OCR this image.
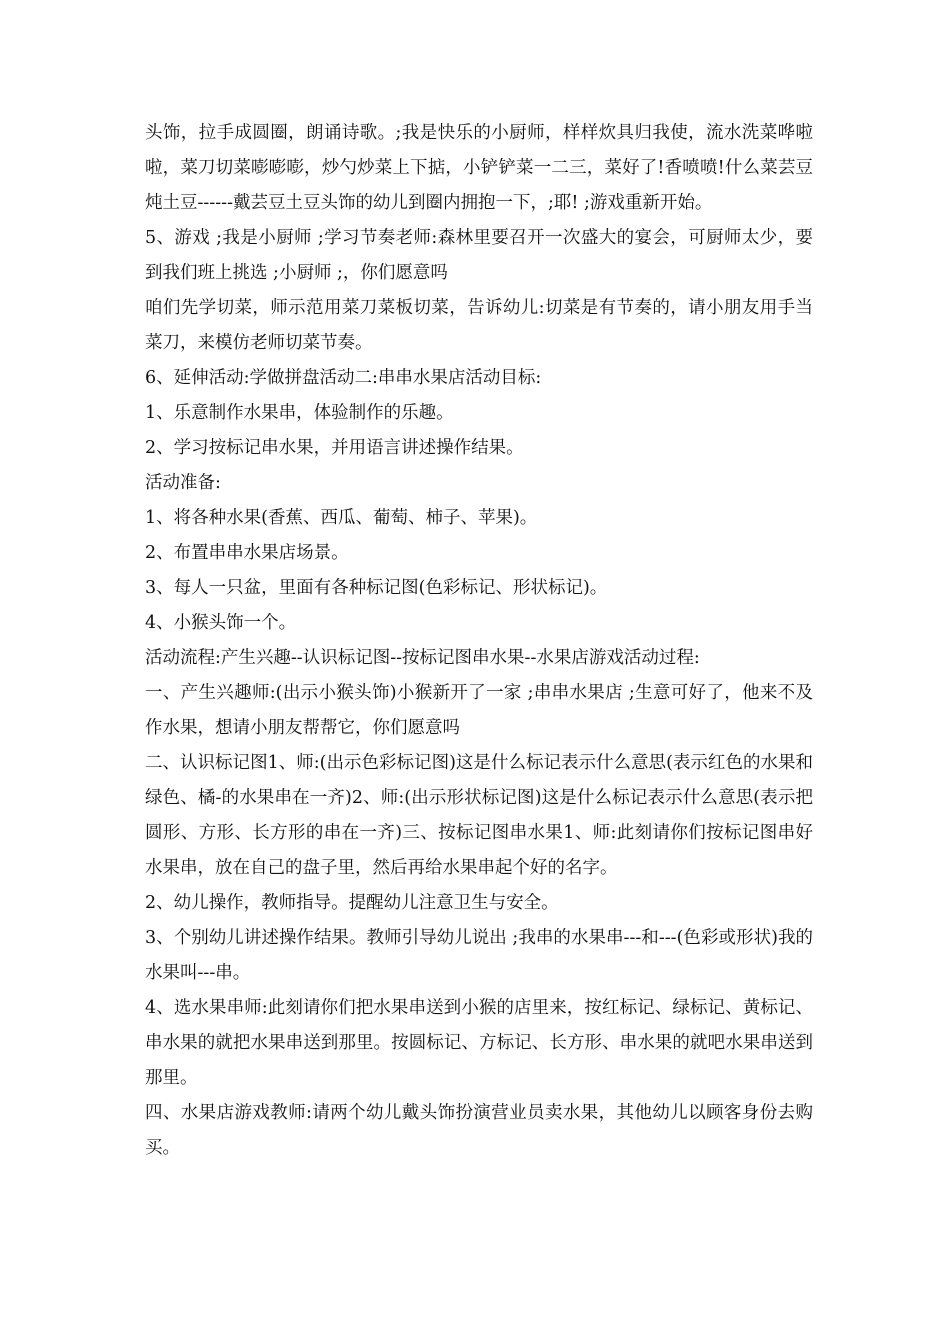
头饰，拉手成圆圈，朗诵诗歌。;我是快乐的小厨师，样样炊具归我使，流水洗菜哗啦啦，菜刀切菜嘭嘭嘭，炒勺炒菜上下掂，小铲铲菜一二三，菜好了!香喷喷!什么菜芸豆炖土豆------戴芸豆土豆头饰的幼儿到圈内拥抱一下，;耶! ;游戏重新开始。

5、游戏 ;我是小厨师 ;学习节奏老师:森林里要召开一次盛大的宴会，可厨师太少，要到我们班上挑选 ;小厨师 ;，你们愿意吗

咱们先学切菜，师示范用菜刀菜板切菜，告诉幼儿:切菜是有节奏的，请小朋友用手当菜刀，来模仿老师切菜节奏。

6、延伸活动:学做拼盘活动二:串串水果店活动目标:

1、乐意制作水果串，体验制作的乐趣。

2、学习按标记串水果，并用语言讲述操作结果。

活动准备:

1、将各种水果(香蕉、西瓜、葡萄、柿子、苹果)。

2、布置串串水果店场景。

3、每人一只盆，里面有各种标记图(色彩标记、形状标记)。

4、小猴头饰一个。

活动流程:产生兴趣--认识标记图--按标记图串水果--水果店游戏活动过程:

一、产生兴趣师:(出示小猴头饰)小猴新开了一家 ;串串水果店 ;生意可好了，他来不及作水果，想请小朋友帮帮它，你们愿意吗

二、认识标记图1、师:(出示色彩标记图)这是什么标记表示什么意思(表示红色的水果和绿色、橘-的水果串在一齐)2、师:(出示形状标记图)这是什么标记表示什么意思(表示把圆形、方形、长方形的串在一齐)三、按标记图串水果1、师:此刻请你们按标记图串好水果串，放在自己的盘子里，然后再给水果串起个好的名字。

2、幼儿操作，教师指导。提醒幼儿注意卫生与安全。

3、个别幼儿讲述操作结果。教师引导幼儿说出 ;我串的水果串---和---(色彩或形状)我的水果叫---串。

4、选水果串师:此刻请你们把水果串送到小猴的店里来，按红标记、绿标记、黄标记、串水果的就把水果串送到那里。按圆标记、方标记、长方形、串水果的就吧水果串送到那里。

四、水果店游戏教师:请两个幼儿戴头饰扮演营业员卖水果，其他幼儿以顾客身份去购买。
